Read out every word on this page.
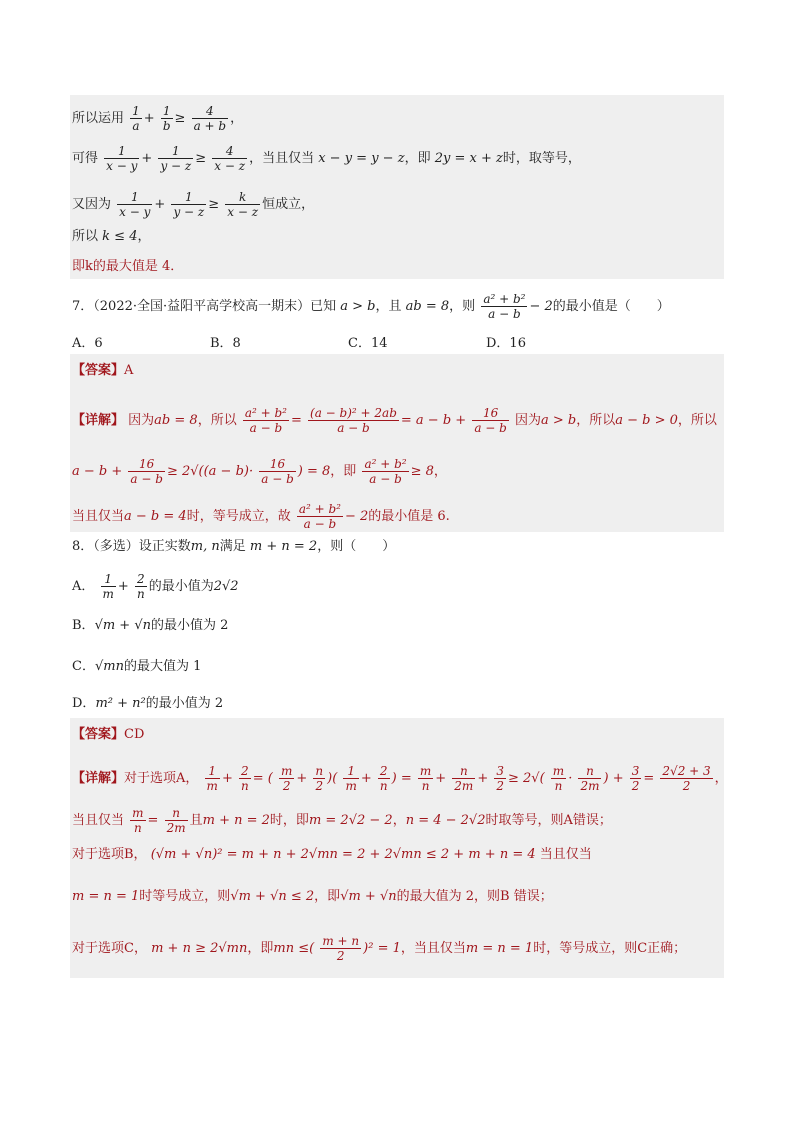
所以运用 $\frac{1}{a} + \frac{1}{b} \ge \frac{4}{a + b}$ ，
可得 $\frac{1}{x - y} + \frac{1}{y - z} \ge \frac{4}{x - z}$ ，当且仅当 x − y = y − z，即 2y = x + z时，取等号，
又因为 $\frac{1}{x - y} + \frac{1}{y - z} \ge \frac{k}{x - z}$ 恒成立，
所以 k ≤ 4，
即k的最大值是 4．
7．（2022·全国·益阳平高学校高一期末）已知 a > b，且 ab = 8，则 $\frac{\text{a² + b²}}{a - b} - 2$的最小值是（　　）
A．6	B．8	C．14	D．16
【答案】A
【详解】 因为ab = 8，所以 $\frac{\text{a² + b²}}{a - b} = \frac{\text{(a − b)² + 2ab}}{a - b} = a - b + \frac{16}{a - b}$ 因为a > b，所以a − b > 0，所以
$a - b + \frac{16}{a - b} \ge 2√((a - b)\cdot \frac{16}{a - b}$ ) = 8，即 $\frac{\text{a² + b²}}{a - b} \ge 8$，
当且仅当a − b = 4时，等号成立，故 $\frac{\text{a² + b²}}{a - b} - 2$的最小值是 6.
8．（多选）设正实数m, n满足 m + n = 2，则（　　）
A． $\frac{1}{m} + \frac{2}{n}$ 的最小值为2√2
B．√m + √n的最小值为 2
C．√mn的最大值为 1
D．m² + n²的最小值为 2
【答案】CD
【详解】对于选项A， $\frac{1}{m} + \frac{2}{n}$ = ( $\frac{m}{2} + \frac{n}{2}$ )( $\frac{1}{m} + \frac{2}{n}$ ) = $\frac{m}{n} + \frac{n}{2m} + \frac{3}{2} \ge 2√( \frac{m}{n} \cdot \frac{n}{2m}$ ) + $\frac{3}{2} = \frac{2√2 + 3}{2}$ ，
当且仅当 $\frac{m}{n} = \frac{n}{2m}$ 且m + n = 2时，即m = 2√2 − 2，n = 4 − 2√2时取等号，则A错误；
对于选项B， (√m + √n)² = m + n + 2√mn = 2 + 2√mn ≤ 2 + m + n = 4 当且仅当
m = n = 1时等号成立，则√m + √n ≤ 2，即√m + √n的最大值为 2，则B 错误；
对于选项C， m + n ≥ 2√mn，即mn ≤( $\frac{m + n}{2} )^2 = 1$，当且仅当m = n = 1时，等号成立，则C正确；
